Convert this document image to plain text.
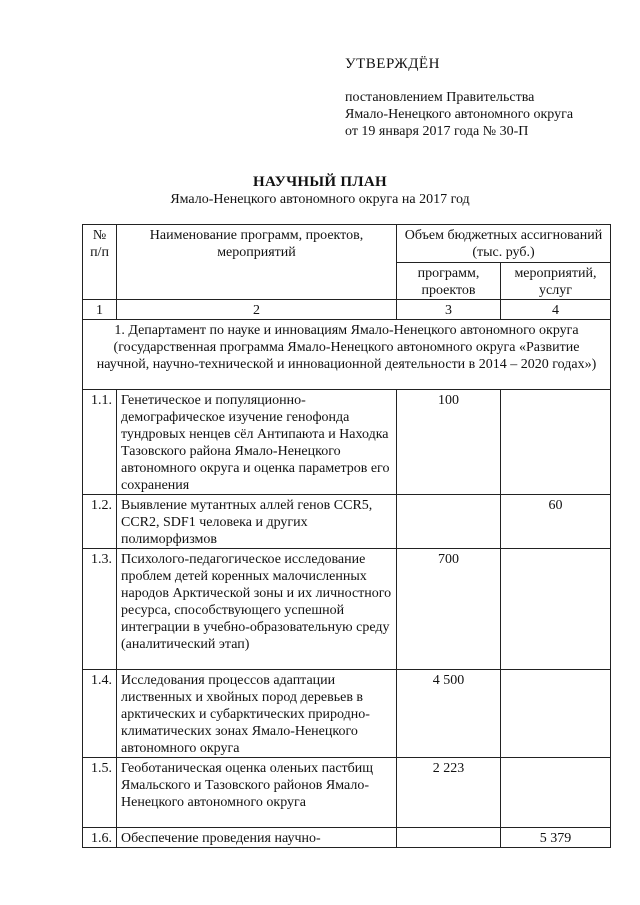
УТВЕРЖДЁН
постановлением Правительства
Ямало-Ненецкого автономного округа
от 19 января 2017 года № 30-П
НАУЧНЫЙ ПЛАН
Ямало-Ненецкого автономного округа на 2017 год
№ п/п	Наименование программ, проектов, мероприятий	Объем бюджетных ассигнований (тыс. руб.)	
		программ, проектов	мероприятий, услуг
1	2	3	4
1. Департамент по науке и инновациям Ямало-Ненецкого автономного округа (государственная программа Ямало-Ненецкого автономного округа «Развитие научной, научно-технической и инновационной деятельности в 2014 – 2020 годах»)			
1.1.	Генетическое и популяционно-демографическое изучение генофонда тундровых ненцев сёл Антипаюта и Находка Тазовского района Ямало-Ненецкого автономного округа и оценка параметров его сохранения	100	
1.2.	Выявление мутантных аллей генов CCR5, CCR2, SDF1 человека и других полиморфизмов		60
1.3.	Психолого-педагогическое исследование проблем детей коренных малочисленных народов Арктической зоны и их личностного ресурса, способствующего успешной интеграции в учебно-образовательную среду (аналитический этап)	700	
1.4.	Исследования процессов адаптации лиственных и хвойных пород деревьев в арктических и субарктических природно-климатических зонах Ямало-Ненецкого автономного округа	4 500	
1.5.	Геоботаническая оценка оленьих пастбищ Ямальского и Тазовского районов Ямало-Ненецкого автономного округа	2 223	
1.6.	Обеспечение проведения научно-		5 379
